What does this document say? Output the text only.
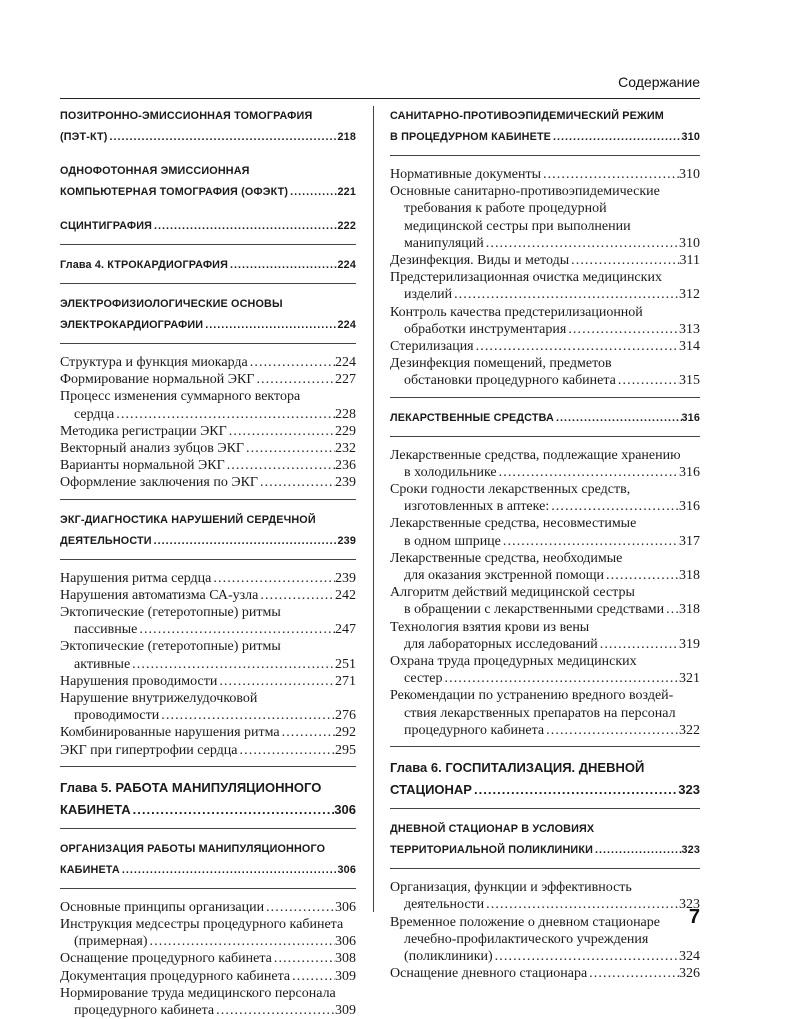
Содержание
ПОЗИТРОННО-ЭМИССИОННАЯ ТОМОГРАФИЯ
(ПЭТ-КТ) . . .	218
ОДНОФОТОННАЯ ЭМИССИОННАЯ
КОМПЬЮТЕРНАЯ ТОМОГРАФИЯ (ОФЭКТ) . . .	221
СЦИНТИГРАФИЯ . . .	222
Глава 4. КТРОКАРДИОГРАФИЯ . . .	224
ЭЛЕКТРОФИЗИОЛОГИЧЕСКИЕ ОСНОВЫ
ЭЛЕКТРОКАРДИОГРАФИИ . . .	224
Структура и функция миокарда . . .	224
Формирование нормальной ЭКГ . . .	227
Процесс изменения суммарного вектора
сердца . . .	228
Методика регистрации ЭКГ . . .	229
Векторный анализ зубцов ЭКГ . . .	232
Варианты нормальной ЭКГ . . .	236
Оформление заключения по ЭКГ . . .	239
ЭКГ-ДИАГНОСТИКА НАРУШЕНИЙ СЕРДЕЧНОЙ
ДЕЯТЕЛЬНОСТИ . . .	239
Нарушения ритма сердца . . .	239
Нарушения автоматизма СА-узла . . .	242
Эктопические (гетеротопные) ритмы
пассивные . . .	247
Эктопические (гетеротопные) ритмы
активные . . .	251
Нарушения проводимости . . .	271
Нарушение внутрижелудочковой
проводимости . . .	276
Комбинированные нарушения ритма . . .	292
ЭКГ при гипертрофии сердца . . .	295
Глава 5. РАБОТА МАНИПУЛЯЦИОННОГО
КАБИНЕТА . . .	306
ОРГАНИЗАЦИЯ РАБОТЫ МАНИПУЛЯЦИОННОГО
КАБИНЕТА . . .	306
Основные принципы организации . . .	306
Инструкция медсестры процедурного кабинета
(примерная) . . .	306
Оснащение процедурного кабинета . . .	308
Документация процедурного кабинета . . .	309
Нормирование труда медицинского персонала
процедурного кабинета . . .	309
САНИТАРНО-ПРОТИВОЭПИДЕМИЧЕСКИЙ РЕЖИМ
В ПРОЦЕДУРНОМ КАБИНЕТЕ . . .	310
Нормативные документы . . .	310
Основные санитарно-противоэпидемические
требования к работе процедурной
медицинской сестры при выполнении
манипуляций . . .	310
Дезинфекция. Виды и методы . . .	311
Предстерилизационная очистка медицинских
изделий . . .	312
Контроль качества предстерилизационной
обработки инструментария . . .	313
Стерилизация . . .	314
Дезинфекция помещений, предметов
обстановки процедурного кабинета . . .	315
ЛЕКАРСТВЕННЫЕ СРЕДСТВА . . .	316
Лекарственные средства, подлежащие хранению
в холодильнике . . .	316
Сроки годности лекарственных средств,
изготовленных в аптеке: . . .	316
Лекарственные средства, несовместимые
в одном шприце . . .	317
Лекарственные средства, необходимые
для оказания экстренной помощи . . .	318
Алгоритм действий медицинской сестры
в обращении с лекарственными средствами . . . 318
Технология взятия крови из вены
для лабораторных исследований . . .	319
Охрана труда процедурных медицинских
сестер . . .	321
Рекомендации по устранению вредного воздей-
ствия лекарственных препаратов на персонал
процедурного кабинета . . .	322
Глава 6. ГОСПИТАЛИЗАЦИЯ. ДНЕВНОЙ
СТАЦИОНАР . . .	323
ДНЕВНОЙ СТАЦИОНАР В УСЛОВИЯХ
ТЕРРИТОРИАЛЬНОЙ ПОЛИКЛИНИКИ . . .	323
Организация, функции и эффективность
деятельности . . .	323
Временное положение о дневном стационаре
лечебно-профилактического учреждения
(поликлиники) . . .	324
Оснащение дневного стационара . . .	326
7
